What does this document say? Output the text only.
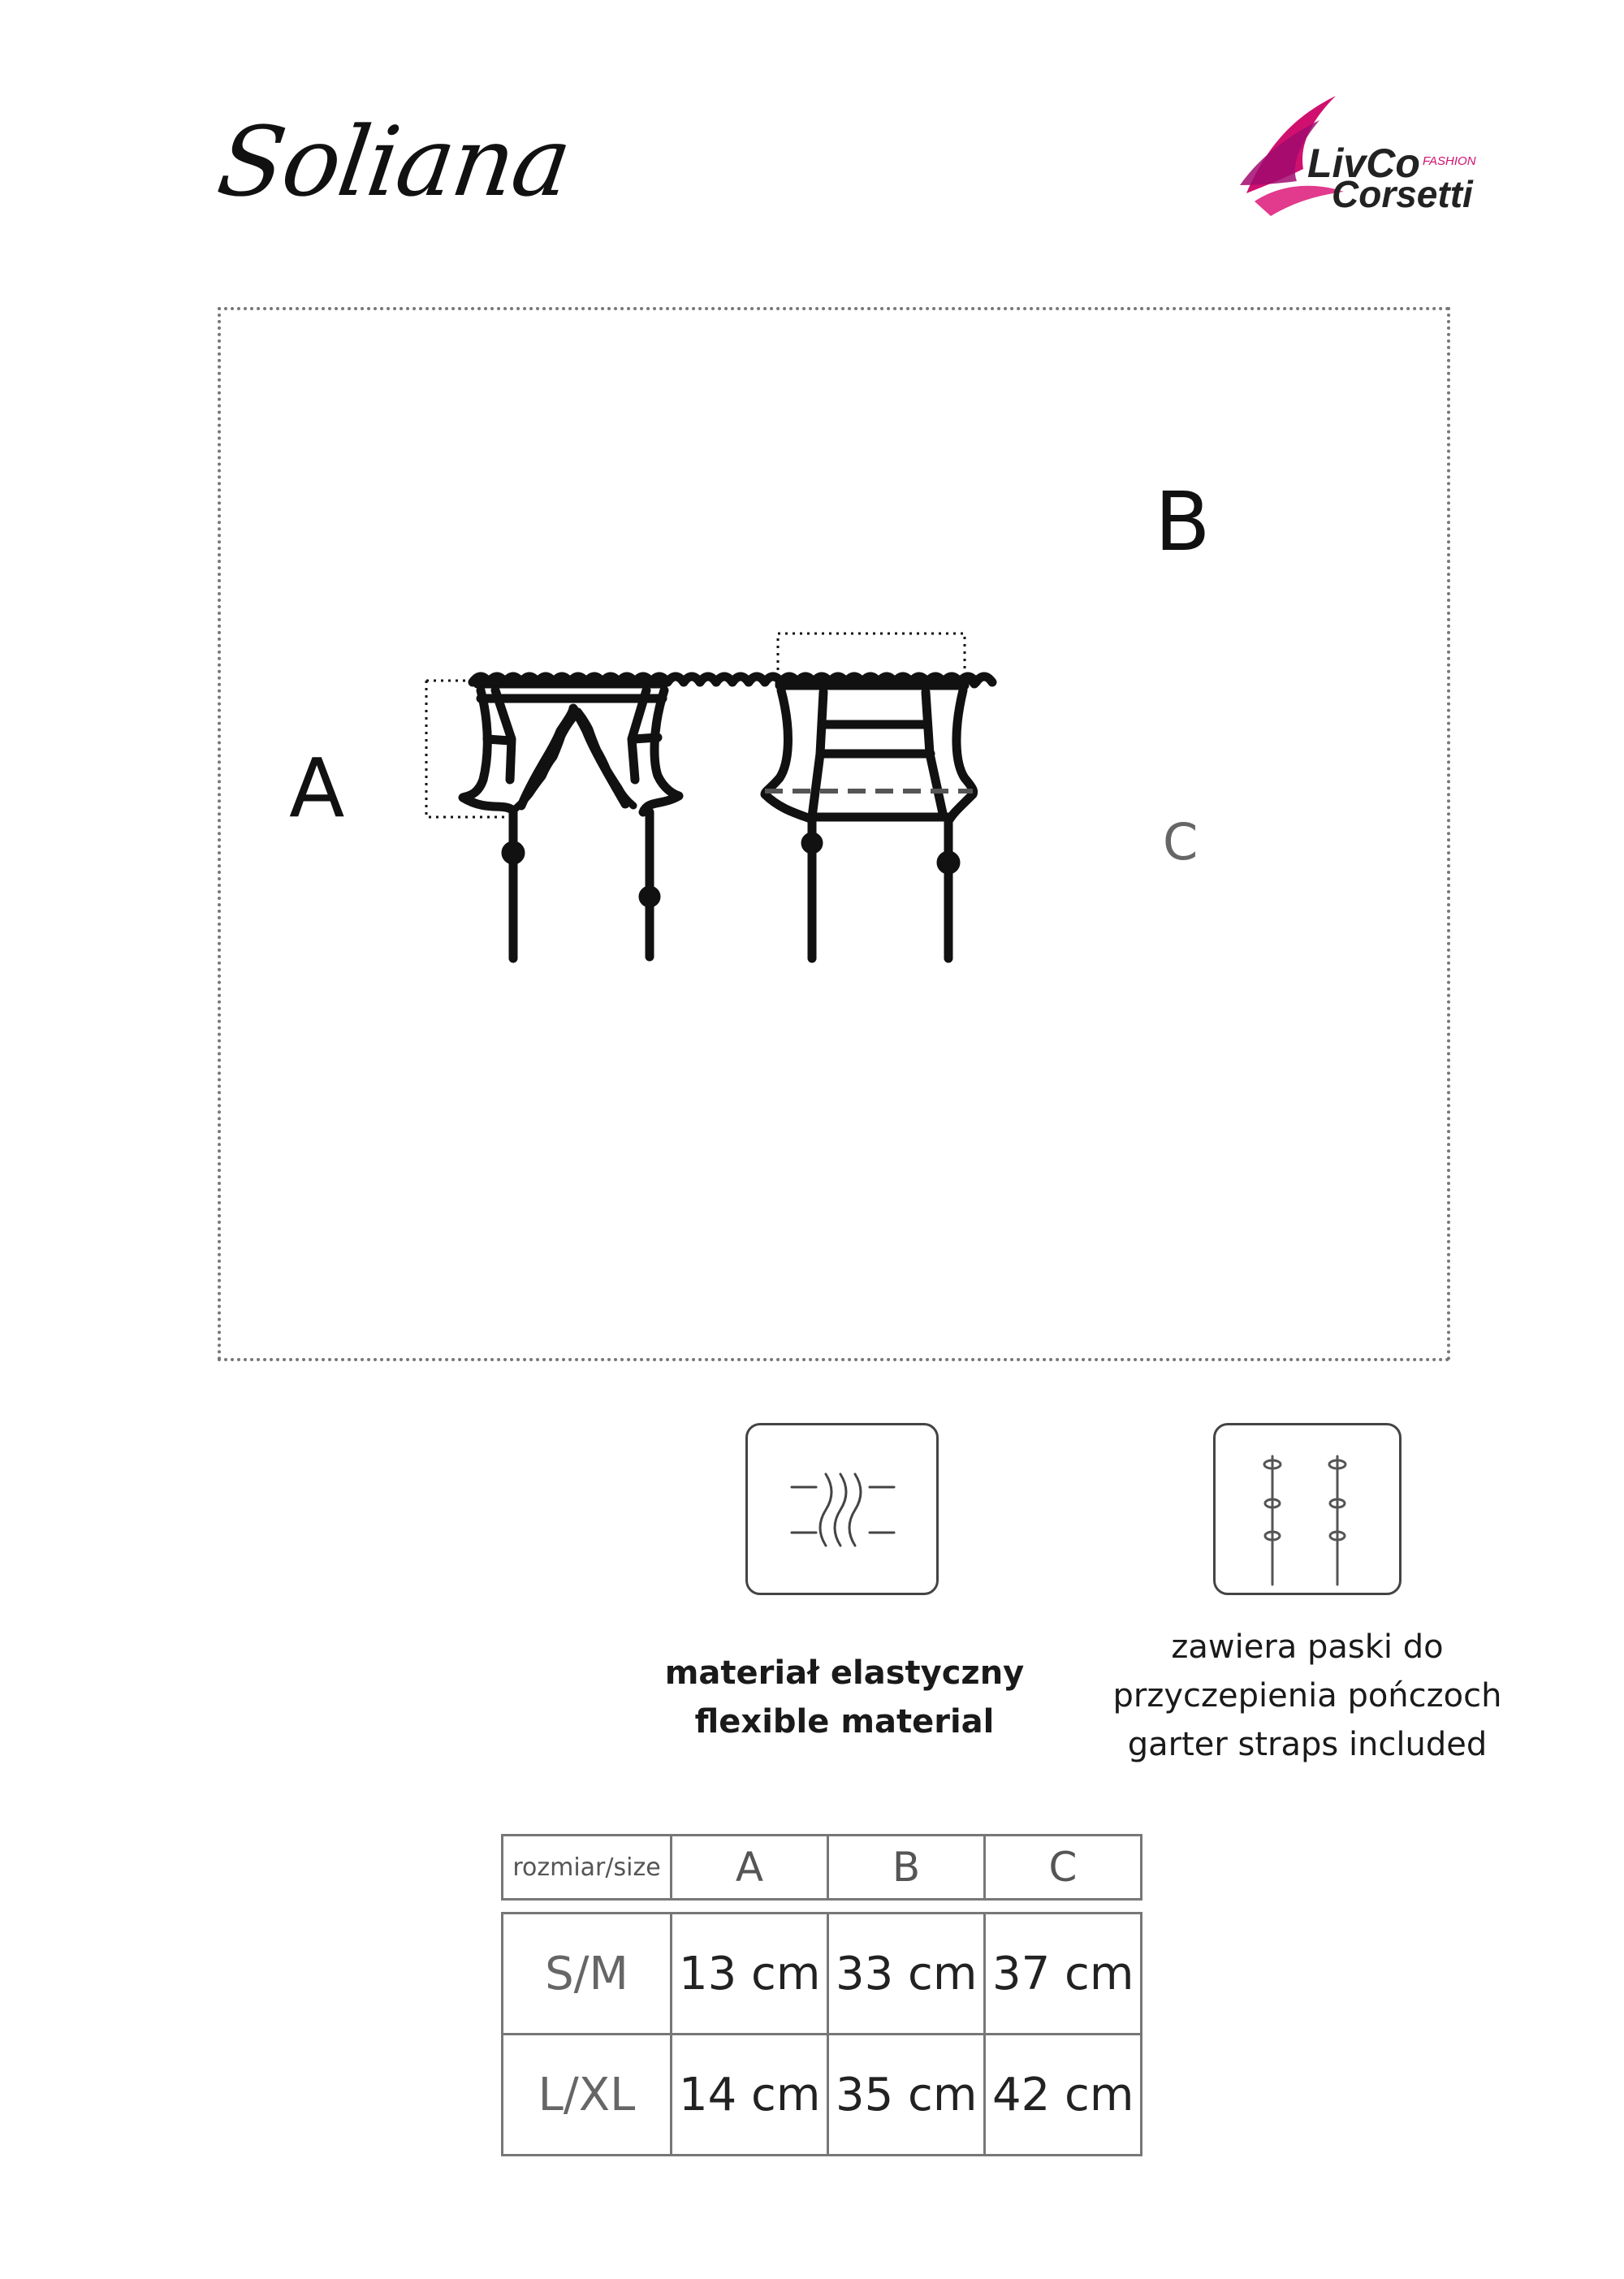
Soliana	LivCo FASHION
Corsetti
A
B
C
materiał elastyczny
flexible material
zawiera paski do
przyczepienia pończoch
garter straps included
rozmiar/size	A	B	C

S/M	13 cm	33 cm	37 cm
L/XL	14 cm	35 cm	42 cm
